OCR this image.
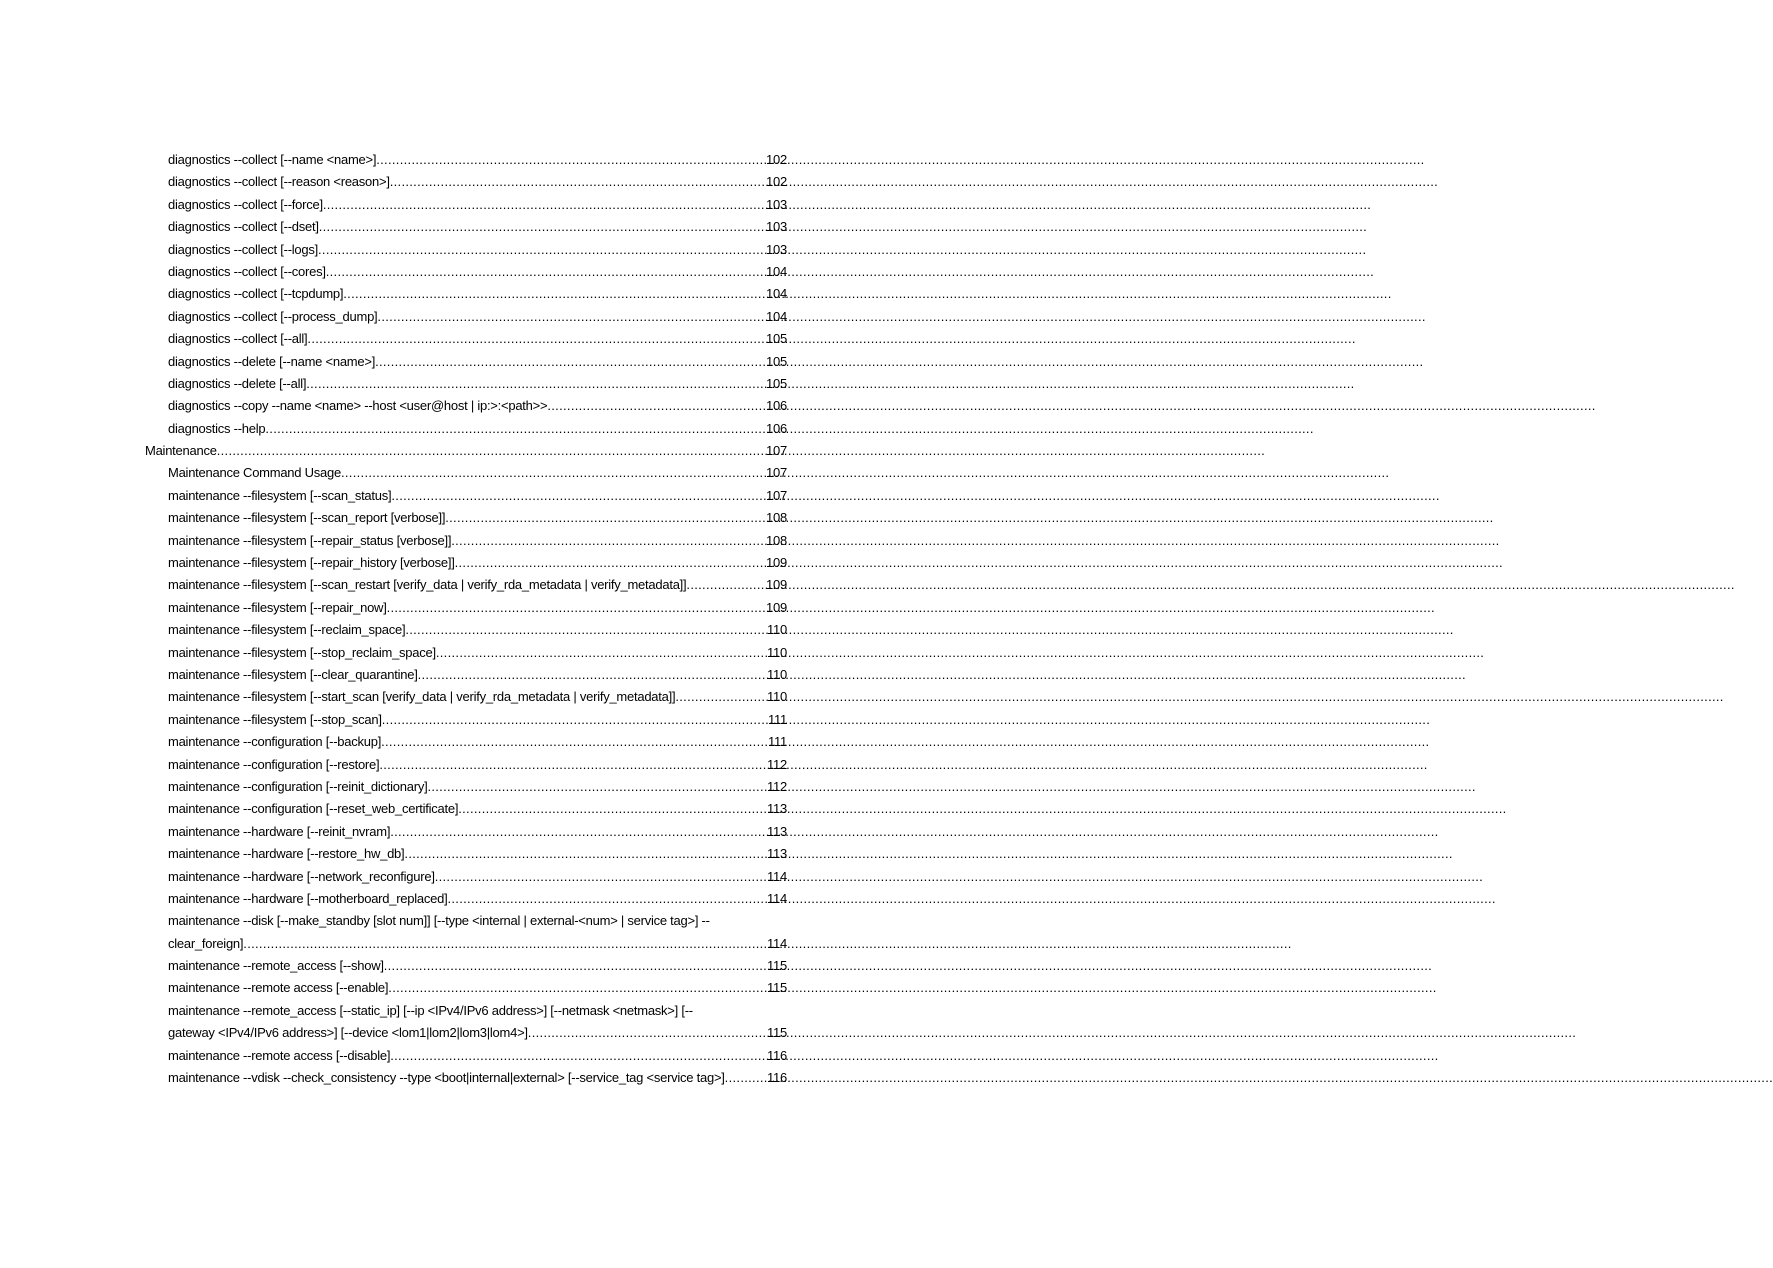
diagnostics --collect [--name <name>] .....	102
diagnostics --collect [--reason <reason>] .....	102
diagnostics --collect [--force] .....	103
diagnostics --collect [--dset] .....	103
diagnostics --collect [--logs] .....	103
diagnostics --collect [--cores] .....	104
diagnostics --collect [--tcpdump] .....	104
diagnostics --collect [--process_dump] .....	104
diagnostics --collect [--all] .....	105
diagnostics --delete [--name <name>] .....	105
diagnostics --delete [--all] .....	105
diagnostics --copy --name <name> --host <user@host | ip:>:<path>> .....	106
diagnostics --help .....	106
Maintenance .....	107
Maintenance Command Usage .....	107
maintenance --filesystem [--scan_status] .....	107
maintenance --filesystem [--scan_report [verbose]] .....	108
maintenance --filesystem [--repair_status [verbose]] .....	108
maintenance --filesystem [--repair_history [verbose]] .....	109
maintenance --filesystem [--scan_restart [verify_data | verify_rda_metadata | verify_metadata]] .....	109
maintenance --filesystem [--repair_now] .....	109
maintenance --filesystem [--reclaim_space] .....	110
maintenance --filesystem [--stop_reclaim_space] .....	110
maintenance --filesystem [--clear_quarantine] .....	110
maintenance --filesystem [--start_scan [verify_data | verify_rda_metadata | verify_metadata]] .....	110
maintenance --filesystem [--stop_scan] .....	111
maintenance --configuration [--backup] .....	111
maintenance --configuration [--restore] .....	112
maintenance --configuration [--reinit_dictionary] .....	112
maintenance --configuration [--reset_web_certificate] .....	113
maintenance --hardware [--reinit_nvram] .....	113
maintenance --hardware [--restore_hw_db] .....	113
maintenance --hardware [--network_reconfigure] .....	114
maintenance --hardware [--motherboard_replaced] .....	114
maintenance --disk [--make_standby [slot num]] [--type <internal | external-<num> | service tag>] --
clear_foreign] .....	114
maintenance --remote_access [--show] .....	115
maintenance --remote access [--enable] .....	115
maintenance --remote_access [--static_ip] [--ip <IPv4/IPv6 address>] [--netmask <netmask>] [--
gateway <IPv4/IPv6 address>] [--device <lom1|lom2|lom3|lom4>] .....	115
maintenance --remote access [--disable] .....	116
maintenance --vdisk --check_consistency --type <boot|internal|external> [--service_tag <service tag>] .....	116
